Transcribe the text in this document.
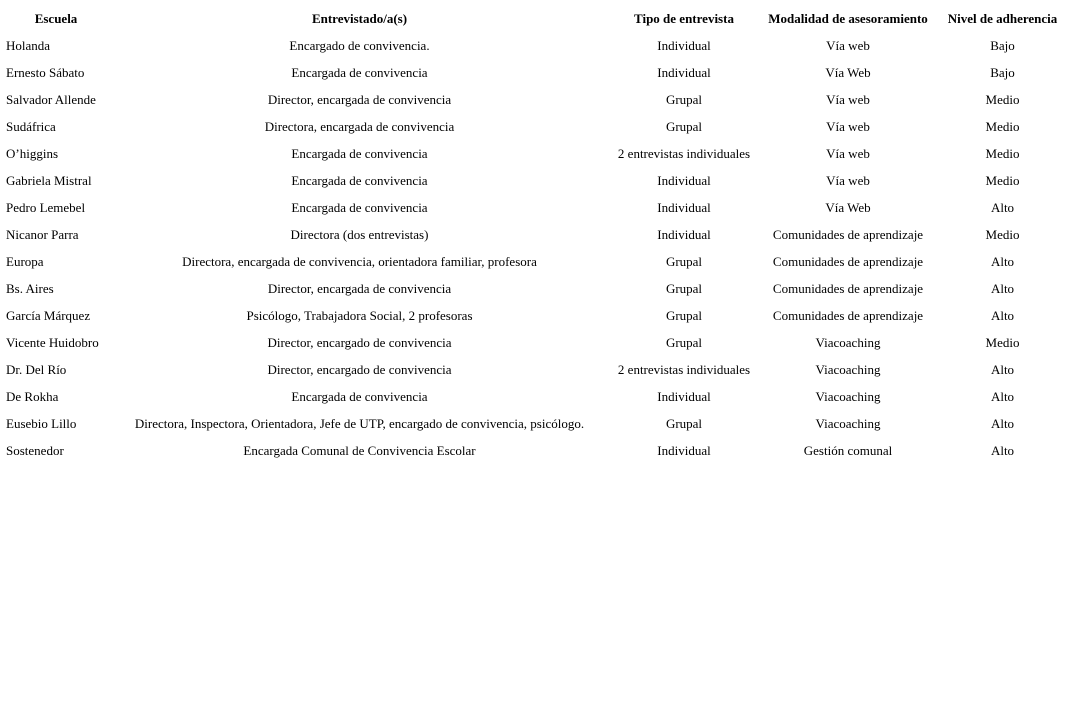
Escuela	Entrevistado/a(s)	Tipo de entrevista	Modalidad de asesoramiento	Nivel de adherencia
Holanda	Encargado de convivencia.	Individual	Vía web	Bajo
Ernesto Sábato	Encargada de convivencia	Individual	Vía Web	Bajo
Salvador Allende	Director, encargada de convivencia	Grupal	Vía web	Medio
Sudáfrica	Directora, encargada de convivencia	Grupal	Vía web	Medio
O’higgins	Encargada de convivencia	2 entrevistas individuales	Vía web	Medio
Gabriela Mistral	Encargada de convivencia	Individual	Vía web	Medio
Pedro Lemebel	Encargada de convivencia	Individual	Vía Web	Alto
Nicanor Parra	Directora (dos entrevistas)	Individual	Comunidades de aprendizaje	Medio
Europa	Directora, encargada de convivencia, orientadora familiar, profesora	Grupal	Comunidades de aprendizaje	Alto
Bs. Aires	Director, encargada de convivencia	Grupal	Comunidades de aprendizaje	Alto
García Márquez	Psicólogo, Trabajadora Social, 2 profesoras	Grupal	Comunidades de aprendizaje	Alto
Vicente Huidobro	Director, encargado de convivencia	Grupal	Viacoaching	Medio
Dr. Del Río	Director, encargado de convivencia	2 entrevistas individuales	Viacoaching	Alto
De Rokha	Encargada de convivencia	Individual	Viacoaching	Alto
Eusebio Lillo	Directora, Inspectora, Orientadora, Jefe de UTP, encargado de convivencia, psicólogo.	Grupal	Viacoaching	Alto
Sostenedor	Encargada Comunal de Convivencia Escolar	Individual	Gestión comunal	Alto
